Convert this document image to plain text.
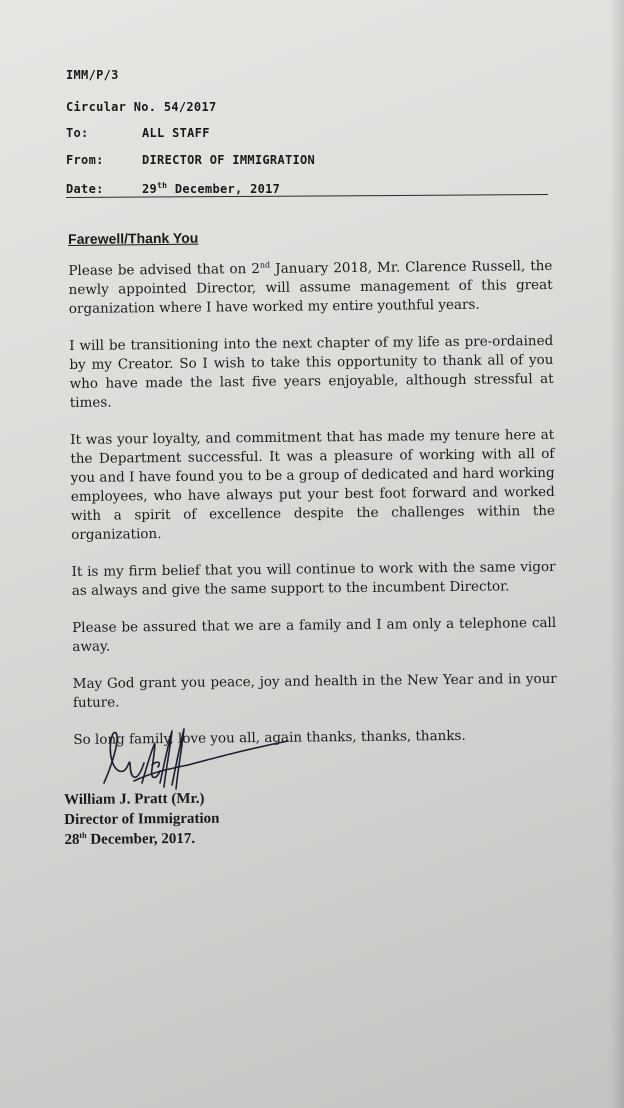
IMM/P/3
Circular No. 54/2017
To:	ALL STAFF
From:	DIRECTOR OF IMMIGRATION
Date:	29th December, 2017
Farewell/Thank You

Please be advised that on 2nd January 2018, Mr. Clarence Russell, the newly appointed Director, will assume management of this great organization where I have worked my entire youthful years.

I will be transitioning into the next chapter of my life as pre-ordained by my Creator. So I wish to take this opportunity to thank all of you who have made the last five years enjoyable, although stressful at times.

It was your loyalty, and commitment that has made my tenure here at the Department successful. It was a pleasure of working with all of you and I have found you to be a group of dedicated and hard working employees, who have always put your best foot forward and worked with a spirit of excellence despite the challenges within the organization.

It is my firm belief that you will continue to work with the same vigor as always and give the same support to the incumbent Director.

Please be assured that we are a family and I am only a telephone call away.

May God grant you peace, joy and health in the New Year and in your future.

So long family, love you all, again thanks, thanks, thanks.

William J. Pratt (Mr.)
Director of Immigration
28th December, 2017.
